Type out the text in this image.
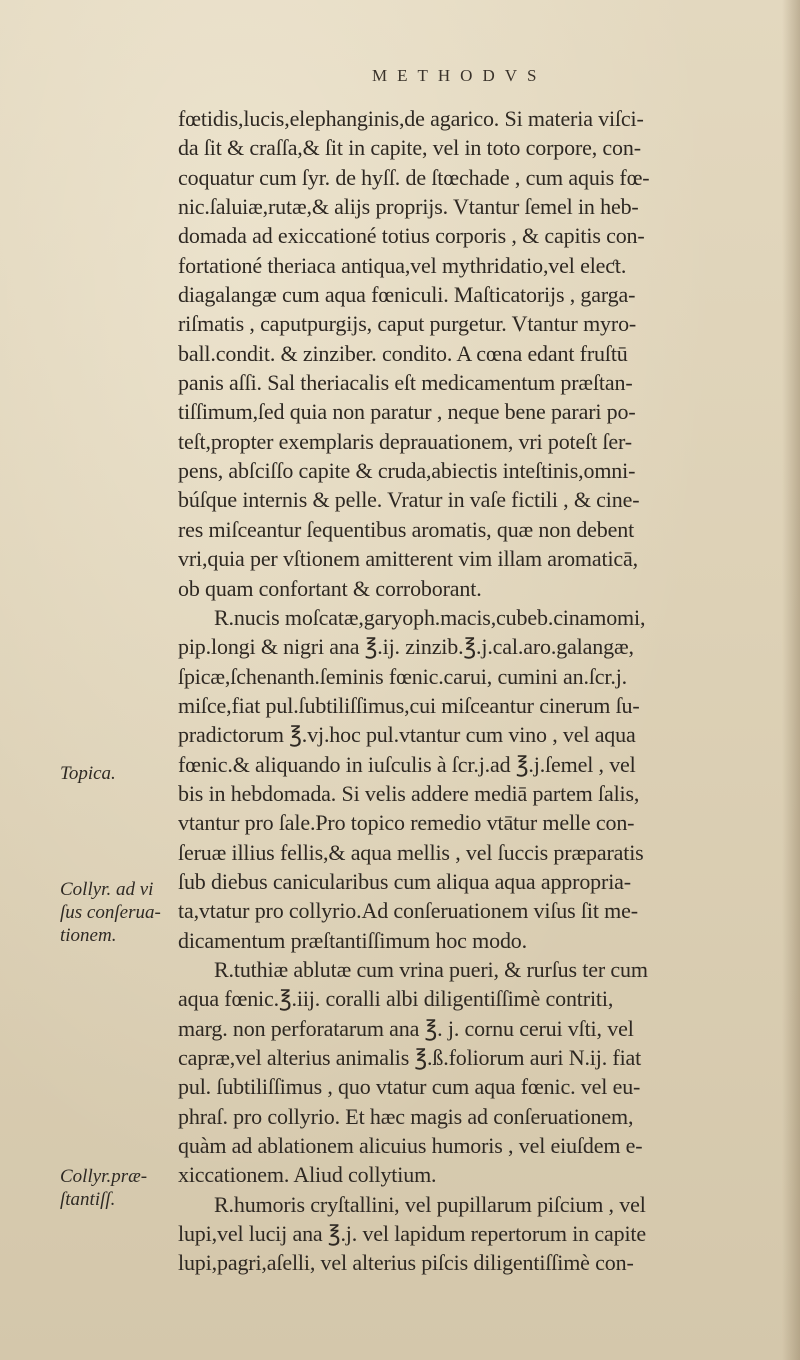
METHODVS
fœtidis,lucis,elephanginis,de agarico. Si materia viſci-
da ſit & craſſa,& ſit in capite, vel in toto corpore, con-
coquatur cum ſyr. de hyſſ. de ſtœchade , cum aquis fœ-
nic.ſaluiæ,rutæ,& alijs proprijs. Vtantur ſemel in heb-
domada ad exiccationé totius corporis , & capitis con-
fortationé theriaca antiqua,vel mythridatio,vel eleƈt.
diagalangæ cum aqua fœniculi. Maſticatorijs , garga-
riſmatis , caputpurgijs, caput purgetur. Vtantur myro-
ball.condit. & zinziber. condito. A cœna edant fruſtū
panis aſſi. Sal theriacalis eſt medicamentum præſtan-
tiſſimum,ſed quia non paratur , neque bene parari po-
teſt,propter exemplaris deprauationem, vri poteſt ſer-
pens, abſciſſo capite & cruda,abiectis inteſtinis,omni-
búſque internis & pelle. Vratur in vaſe fictili , & cine-
res miſceantur ſequentibus aromatis, quæ non debent
vri,quia per vſtionem amitterent vim illam aromaticā,
ob quam confortant & corroborant.
R.nucis moſcatæ,garyoph.macis,cubeb.cinamomi,
pip.longi & nigri ana ℥.ij. zinzib.℥.j.cal.aro.galangæ,
ſpicæ,ſchenanth.ſeminis fœnic.carui, cumini an.ſcr.j.
miſce,fiat pul.ſubtiliſſimus,cui miſceantur cinerum ſu-
pradictorum ℥.vj.hoc pul.vtantur cum vino , vel aqua
fœnic.& aliquando in iuſculis à ſcr.j.ad ℥.j.ſemel , vel
bis in hebdomada. Si velis addere mediā partem ſalis,
vtantur pro ſale.Pro topico remedio vtātur melle con-
ſeruæ illius fellis,& aqua mellis , vel ſuccis præparatis
ſub diebus canicularibus cum aliqua aqua appropria-
ta,vtatur pro collyrio.Ad conſeruationem viſus ſit me-
dicamentum præſtantiſſimum hoc modo.
R.tuthiæ ablutæ cum vrina pueri, & rurſus ter cum
aqua fœnic.℥.iij. coralli albi diligentiſſimè contriti,
marg. non perforatarum ana ℥. j. cornu cerui vſti, vel
capræ,vel alterius animalis ℥.ß.foliorum auri N.ij. fiat
pul. ſubtiliſſimus , quo vtatur cum aqua fœnic. vel eu-
phraſ. pro collyrio. Et hæc magis ad conſeruationem,
quàm ad ablationem alicuius humoris , vel eiuſdem e-
xiccationem. Aliud collytium.
R.humoris cryſtallini, vel pupillarum piſcium , vel
lupi,vel lucij ana ℥.j. vel lapidum repertorum in capite
lupi,pagri,aſelli, vel alterius piſcis diligentiſſimè con-
Topica.
Collyr. ad vi
ſus conſerua-
tionem.
Collyr.præ-
ſtantiſſ.
